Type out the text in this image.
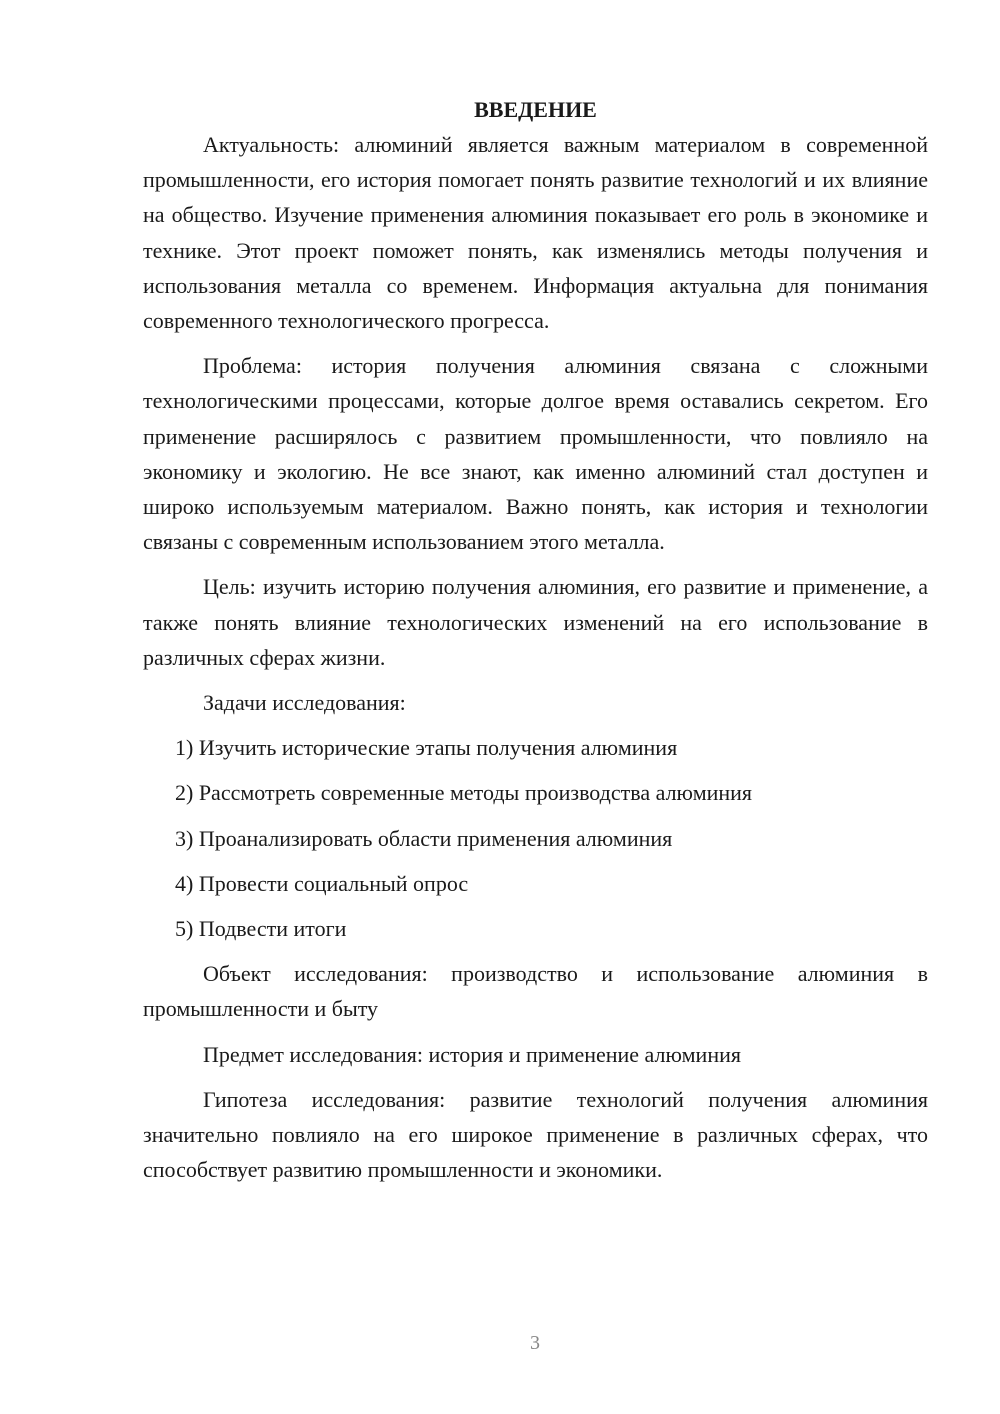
ВВЕДЕНИЕ

Актуальность: алюминий является важным материалом в современной промышленности, его история помогает понять развитие технологий и их влияние на общество. Изучение применения алюминия показывает его роль в экономике и технике. Этот проект поможет понять, как изменялись методы получения и использования металла со временем. Информация актуальна для понимания современного технологического прогресса.

Проблема: история получения алюминия связана с сложными технологическими процессами, которые долгое время оставались секретом. Его применение расширялось с развитием промышленности, что повлияло на экономику и экологию. Не все знают, как именно алюминий стал доступен и широко используемым материалом. Важно понять, как история и технологии связаны с современным использованием этого металла.

Цель: изучить историю получения алюминия, его развитие и применение, а также понять влияние технологических изменений на его использование в различных сферах жизни.

Задачи исследования:

1) Изучить исторические этапы получения алюминия
2) Рассмотреть современные методы производства алюминия
3) Проанализировать области применения алюминия
4) Провести социальный опрос
5) Подвести итоги

Объект исследования: производство и использование алюминия в промышленности и быту

Предмет исследования: история и применение алюминия

Гипотеза исследования: развитие технологий получения алюминия значительно повлияло на его широкое применение в различных сферах, что способствует развитию промышленности и экономики.

3
